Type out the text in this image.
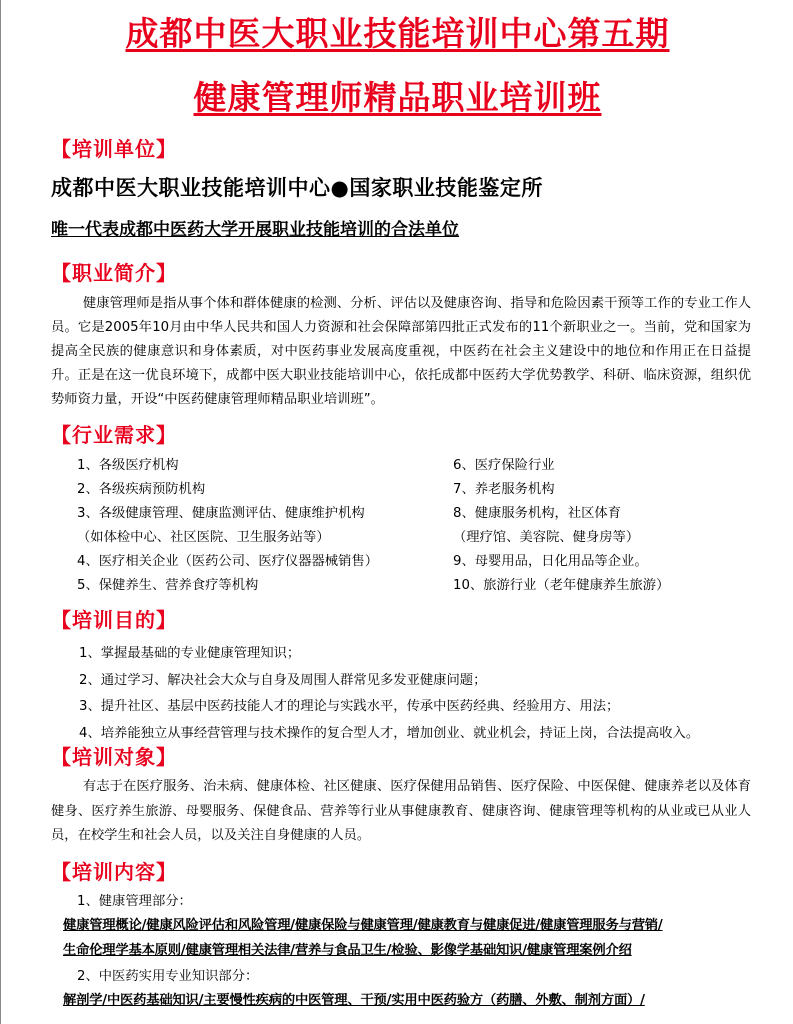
成都中医大职业技能培训中心第五期
健康管理师精品职业培训班
【培训单位】
成都中医大职业技能培训中心●国家职业技能鉴定所
唯一代表成都中医药大学开展职业技能培训的合法单位
【职业简介】

健康管理师是指从事个体和群体健康的检测、分析、评估以及健康咨询、指导和危险因素干预等工作的专业工作人员。它是2005年10月由中华人民共和国人力资源和社会保障部第四批正式发布的11个新职业之一。当前，党和国家为提高全民族的健康意识和身体素质，对中医药事业发展高度重视，中医药在社会主义建设中的地位和作用正在日益提升。正是在这一优良环境下，成都中医大职业技能培训中心，依托成都中医药大学优势教学、科研、临床资源，组织优势师资力量，开设“中医药健康管理师精品职业培训班”。

【行业需求】
1、各级医疗机构
2、各级疾病预防机构
3、各级健康管理、健康监测评估、健康维护机构
（如体检中心、社区医院、卫生服务站等）
4、医疗相关企业（医药公司、医疗仪器器械销售）
5、保健养生、营养食疗等机构
6、医疗保险行业
7、养老服务机构
8、健康服务机构，社区体育
（理疗馆、美容院、健身房等）
9、母婴用品，日化用品等企业。
10、旅游行业（老年健康养生旅游）
【培训目的】
1、掌握最基础的专业健康管理知识；
2、通过学习、解决社会大众与自身及周围人群常见多发亚健康问题；
3、提升社区、基层中医药技能人才的理论与实践水平，传承中医药经典、经验用方、用法；
4、培养能独立从事经营管理与技术操作的复合型人才，增加创业、就业机会，持证上岗，合法提高收入。
【培训对象】

有志于在医疗服务、治未病、健康体检、社区健康、医疗保健用品销售、医疗保险、中医保健、健康养老以及体育健身、医疗养生旅游、母婴服务、保健食品、营养等行业从事健康教育、健康咨询、健康管理等机构的从业或已从业人员，在校学生和社会人员，以及关注自身健康的人员。

【培训内容】
1、健康管理部分：
健康管理概论/健康风险评估和风险管理/健康保险与健康管理/健康教育与健康促进/健康管理服务与营销/
生命伦理学基本原则/健康管理相关法律/营养与食品卫生/检验、影像学基础知识/健康管理案例介绍
2、中医药实用专业知识部分：
解剖学/中医药基础知识/主要慢性疾病的中医管理、干预/实用中医药验方（药膳、外敷、制剂方面）/
